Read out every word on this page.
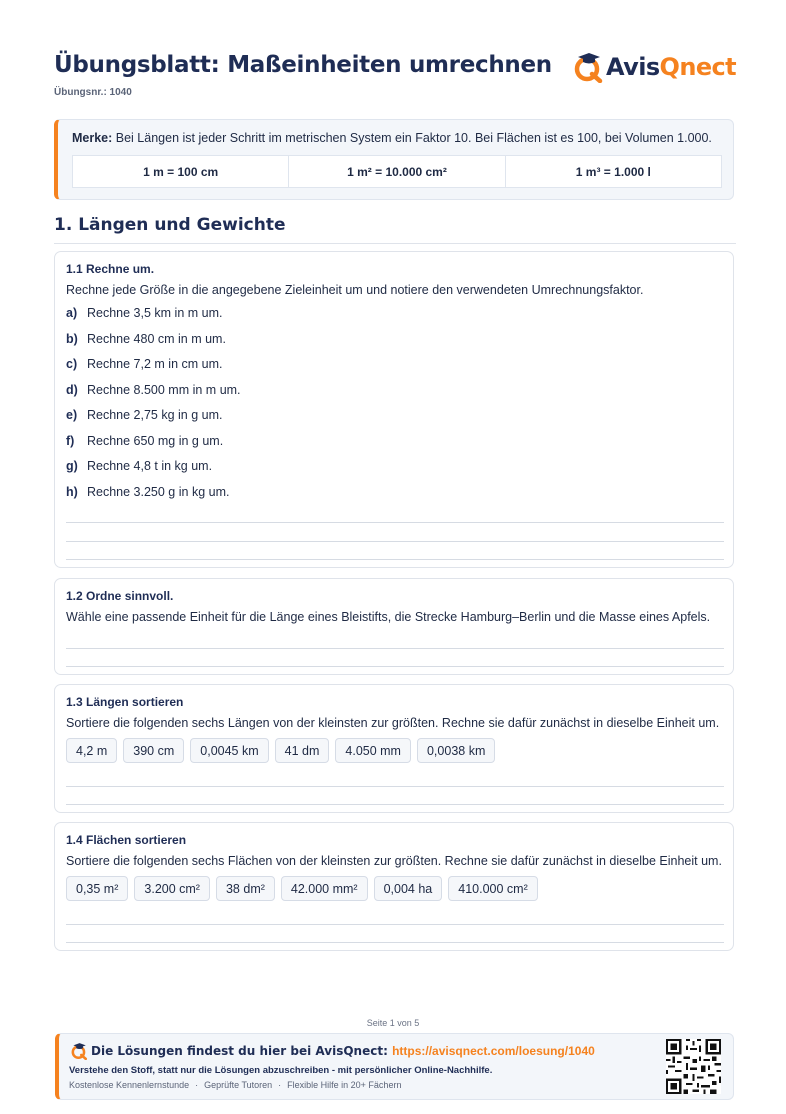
Übungsblatt: Maßeinheiten umrechnen
Übungsnr.: 1040
AvisQnect
Merke: Bei Längen ist jeder Schritt im metrischen System ein Faktor 10. Bei Flächen ist es 100, bei Volumen 1.000.
1 m = 100 cm	1 m² = 10.000 cm²	1 m³ = 1.000 l
1. Längen und Gewichte
1.1 Rechne um.
Rechne jede Größe in die angegebene Zieleinheit um und notiere den verwendeten Umrechnungsfaktor.
a) Rechne 3,5 km in m um.
b) Rechne 480 cm in m um.
c) Rechne 7,2 m in cm um.
d) Rechne 8.500 mm in m um.
e) Rechne 2,75 kg in g um.
f)	Rechne 650 mg in g um.
g) Rechne 4,8 t in kg um.
h) Rechne 3.250 g in kg um.
1.2 Ordne sinnvoll.
Wähle eine passende Einheit für die Länge eines Bleistifts, die Strecke Hamburg–Berlin und die Masse eines Apfels.
1.3 Längen sortieren
Sortiere die folgenden sechs Längen von der kleinsten zur größten. Rechne sie dafür zunächst in dieselbe Einheit um.
4,2 m	390 cm	0,0045 km	41 dm	4.050 mm	0,0038 km
1.4 Flächen sortieren
Sortiere die folgenden sechs Flächen von der kleinsten zur größten. Rechne sie dafür zunächst in dieselbe Einheit um.
0,35 m²	3.200 cm²	38 dm²	42.000 mm²	0,004 ha	410.000 cm²
Seite 1 von 5
Die Lösungen findest du hier bei AvisQnect: https://avisqnect.com/loesung/1040
Verstehe den Stoff, statt nur die Lösungen abzuschreiben - mit persönlicher Online-Nachhilfe.
Kostenlose Kennenlernstunde · Geprüfte Tutoren · Flexible Hilfe in 20+ Fächern
